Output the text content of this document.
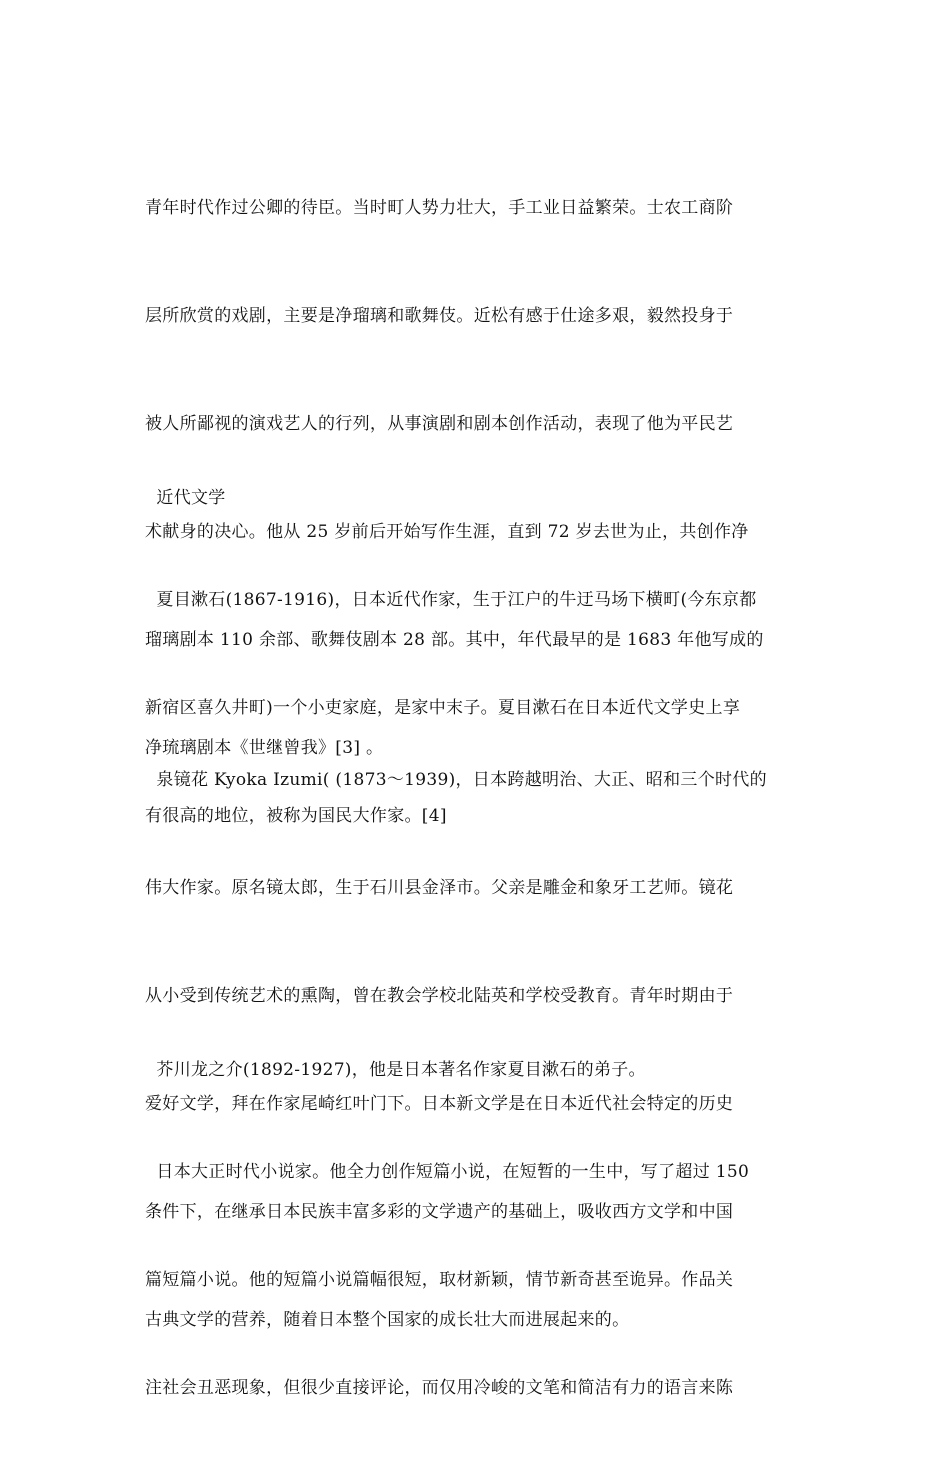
青年时代作过公卿的待臣。当时町人势力壮大，手工业日益繁荣。士农工商阶

层所欣赏的戏剧，主要是净瑠璃和歌舞伎。近松有感于仕途多艰，毅然投身于

被人所鄙视的演戏艺人的行列，从事演剧和剧本创作活动，表现了他为平民艺

术献身的决心。他从 25 岁前后开始写作生涯，直到 72 岁去世为止，共创作净

瑠璃剧本 110 余部、歌舞伎剧本 28 部。其中，年代最早的是 1683 年他写成的

净琉璃剧本《世继曾我》[3] 。

近代文学

夏目漱石(1867-1916)，日本近代作家，生于江户的牛迂马场下横町(今东京都

新宿区喜久井町)一个小吏家庭，是家中末子。夏目漱石在日本近代文学史上享

有很高的地位，被称为国民大作家。[4]

泉镜花 Kyoka Izumi( (1873～1939)，日本跨越明治、大正、昭和三个时代的

伟大作家。原名镜太郎，生于石川县金泽市。父亲是雕金和象牙工艺师。镜花

从小受到传统艺术的熏陶，曾在教会学校北陆英和学校受教育。青年时期由于

爱好文学，拜在作家尾崎红叶门下。日本新文学是在日本近代社会特定的历史

条件下，在继承日本民族丰富多彩的文学遗产的基础上，吸收西方文学和中国

古典文学的营养，随着日本整个国家的成长壮大而进展起来的。

芥川龙之介(1892-1927)，他是日本著名作家夏目漱石的弟子。

日本大正时代小说家。他全力创作短篇小说，在短暂的一生中，写了超过 150

篇短篇小说。他的短篇小说篇幅很短，取材新颖，情节新奇甚至诡异。作品关

注社会丑恶现象，但很少直接评论，而仅用冷峻的文笔和简洁有力的语言来陈
